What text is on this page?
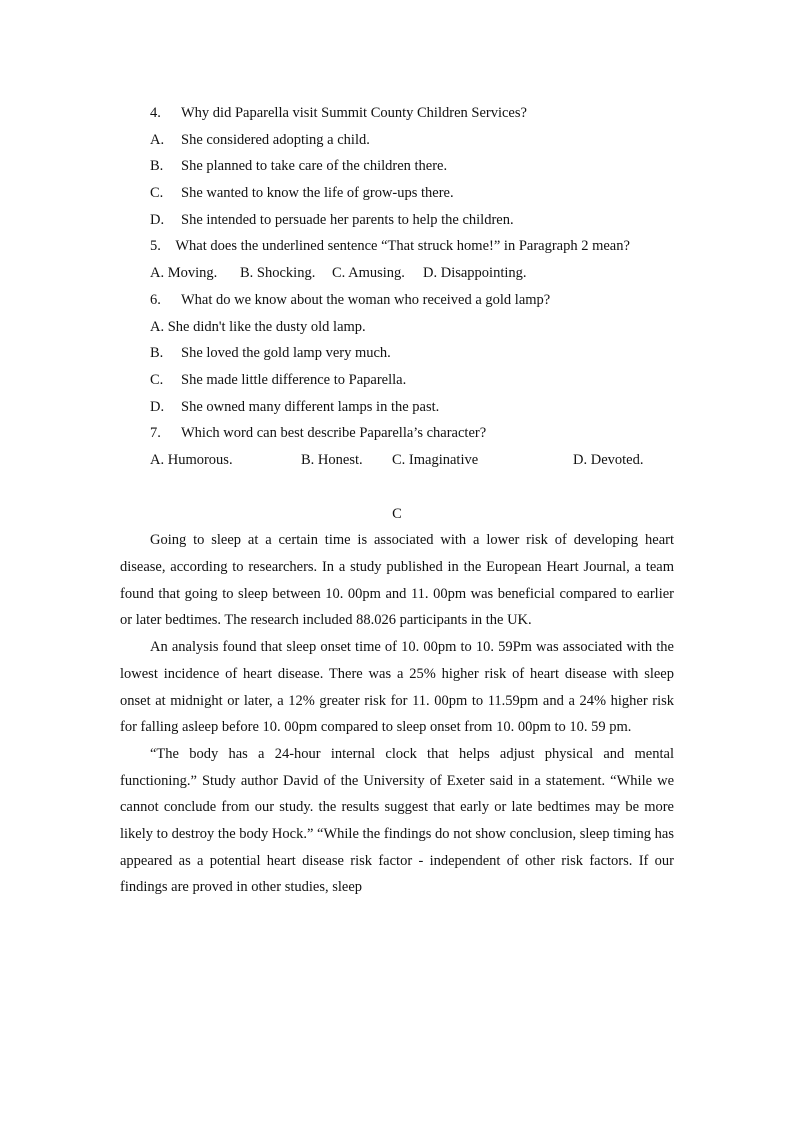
4. Why did Paparella visit Summit County Children Services?
A. She considered adopting a child.
B. She planned to take care of the children there.
C. She wanted to know the life of grow-ups there.
D. She intended to persuade her parents to help the children.
5. What does the underlined sentence “That struck home!” in Paragraph 2 mean?
A. Moving. B. Shocking. C. Amusing. D. Disappointing.
6. What do we know about the woman who received a gold lamp?
A. She didn't like the dusty old lamp.
B. She loved the gold lamp very much.
C. She made little difference to Paparella.
D. She owned many different lamps in the past.
7. Which word can best describe Paparella’s character?
A. Humorous.	B. Honest. C. Imaginative	D. Devoted.
C

Going to sleep at a certain time is associated with a lower risk of developing heart disease, according to researchers. In a study published in the European Heart Journal, a team found that going to sleep between 10. 00pm and 11. 00pm was beneficial compared to earlier or later bedtimes. The research included 88.026 participants in the UK.

An analysis found that sleep onset time of 10. 00pm to 10. 59Pm was associated with the lowest incidence of heart disease. There was a 25% higher risk of heart disease with sleep onset at midnight or later, a 12% greater risk for 11. 00pm to 11.59pm and a 24% higher risk for falling asleep before 10. 00pm compared to sleep onset from 10. 00pm to 10. 59 pm.

“The body has a 24-hour internal clock that helps adjust physical and mental functioning.” Study author David of the University of Exeter said in a statement. “While we cannot conclude from our study. the results suggest that early or late bedtimes may be more likely to destroy the body Hock.” “While the findings do not show conclusion, sleep timing has appeared as a potential heart disease risk factor - independent of other risk factors. If our findings are proved in other studies, sleep
